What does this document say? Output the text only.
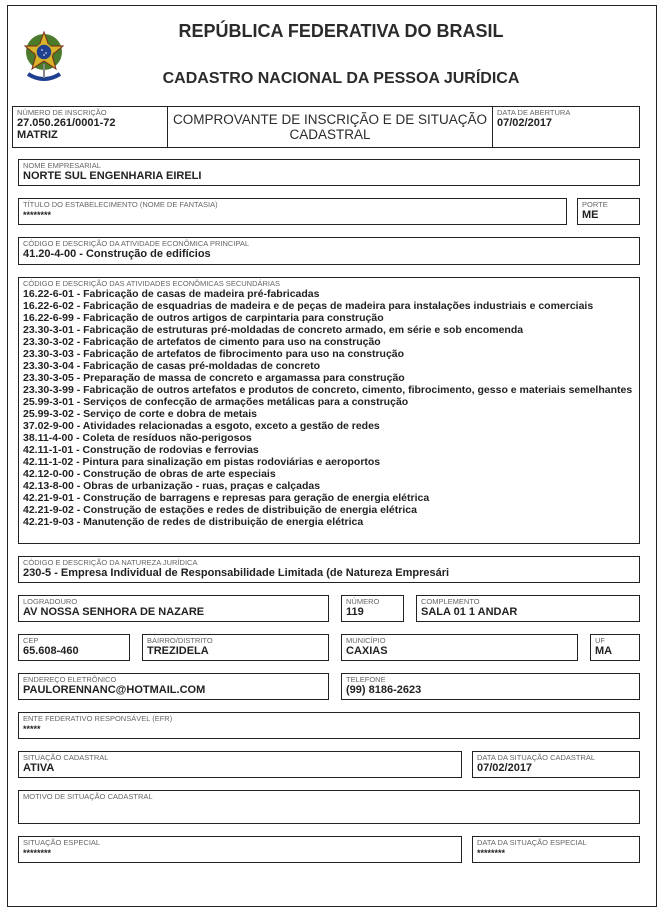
REPÚBLICA FEDERATIVA DO BRASIL
CADASTRO NACIONAL DA PESSOA JURÍDICA
NÚMERO DE INSCRIÇÃO
27.050.261/0001-72
MATRIZ
COMPROVANTE DE INSCRIÇÃO E DE SITUAÇÃO CADASTRAL
DATA DE ABERTURA
07/02/2017
NOME EMPRESARIAL
NORTE SUL ENGENHARIA EIRELI
TÍTULO DO ESTABELECIMENTO (NOME DE FANTASIA)
********
PORTE
ME
CÓDIGO E DESCRIÇÃO DA ATIVIDADE ECONÔMICA PRINCIPAL
41.20-4-00 - Construção de edifícios
CÓDIGO E DESCRIÇÃO DAS ATIVIDADES ECONÔMICAS SECUNDÁRIAS
16.22-6-01 - Fabricação de casas de madeira pré-fabricadas
16.22-6-02 - Fabricação de esquadrias de madeira e de peças de madeira para instalações industriais e comerciais
16.22-6-99 - Fabricação de outros artigos de carpintaria para construção
23.30-3-01 - Fabricação de estruturas pré-moldadas de concreto armado, em série e sob encomenda
23.30-3-02 - Fabricação de artefatos de cimento para uso na construção
23.30-3-03 - Fabricação de artefatos de fibrocimento para uso na construção
23.30-3-04 - Fabricação de casas pré-moldadas de concreto
23.30-3-05 - Preparação de massa de concreto e argamassa para construção
23.30-3-99 - Fabricação de outros artefatos e produtos de concreto, cimento, fibrocimento, gesso e materiais semelhantes
25.99-3-01 - Serviços de confecção de armações metálicas para a construção
25.99-3-02 - Serviço de corte e dobra de metais
37.02-9-00 - Atividades relacionadas a esgoto, exceto a gestão de redes
38.11-4-00 - Coleta de resíduos não-perigosos
42.11-1-01 - Construção de rodovias e ferrovias
42.11-1-02 - Pintura para sinalização em pistas rodoviárias e aeroportos
42.12-0-00 - Construção de obras de arte especiais
42.13-8-00 - Obras de urbanização - ruas, praças e calçadas
42.21-9-01 - Construção de barragens e represas para geração de energia elétrica
42.21-9-02 - Construção de estações e redes de distribuição de energia elétrica
42.21-9-03 - Manutenção de redes de distribuição de energia elétrica
CÓDIGO E DESCRIÇÃO DA NATUREZA JURÍDICA
230-5 - Empresa Individual de Responsabilidade Limitada (de Natureza Empresári
LOGRADOURO
AV NOSSA SENHORA DE NAZARE
NÚMERO
119
COMPLEMENTO
SALA 01 1 ANDAR
CEP
65.608-460
BAIRRO/DISTRITO
TREZIDELA
MUNICÍPIO
CAXIAS
UF
MA
ENDEREÇO ELETRÔNICO
PAULORENNANC@HOTMAIL.COM
TELEFONE
(99) 8186-2623
ENTE FEDERATIVO RESPONSÁVEL (EFR)
*****
SITUAÇÃO CADASTRAL
ATIVA
DATA DA SITUAÇÃO CADASTRAL
07/02/2017
MOTIVO DE SITUAÇÃO CADASTRAL
SITUAÇÃO ESPECIAL
********
DATA DA SITUAÇÃO ESPECIAL
********
